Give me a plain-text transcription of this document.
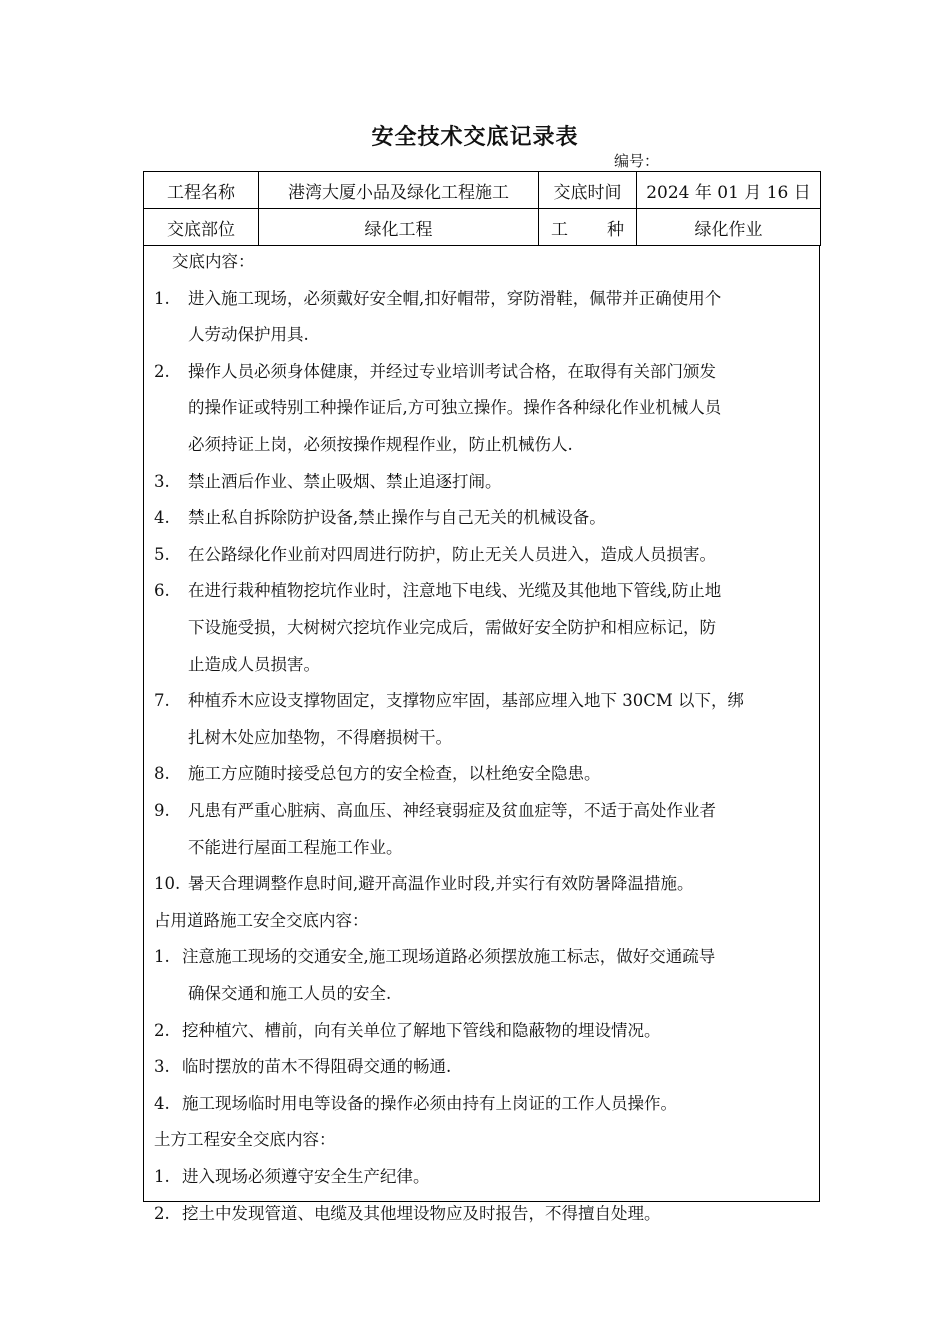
安全技术交底记录表
编号：
工程名称	港湾大厦小品及绿化工程施工	交底时间	2024 年 01 月 16 日
交底部位	绿化工程	工 种	绿化作业
交底内容：
1. 进入施工现场，必须戴好安全帽,扣好帽带，穿防滑鞋，佩带并正确使用个
人劳动保护用具.
2. 操作人员必须身体健康，并经过专业培训考试合格，在取得有关部门颁发
的操作证或特别工种操作证后,方可独立操作。操作各种绿化作业机械人员
必须持证上岗，必须按操作规程作业，防止机械伤人.
3. 禁止酒后作业、禁止吸烟、禁止追逐打闹。
4. 禁止私自拆除防护设备,禁止操作与自己无关的机械设备。
5. 在公路绿化作业前对四周进行防护，防止无关人员进入，造成人员损害。
6. 在进行栽种植物挖坑作业时，注意地下电线、光缆及其他地下管线,防止地
下设施受损，大树树穴挖坑作业完成后，需做好安全防护和相应标记，防
止造成人员损害。
7. 种植乔木应设支撑物固定，支撑物应牢固，基部应埋入地下 30CM 以下，绑
扎树木处应加垫物，不得磨损树干。
8. 施工方应随时接受总包方的安全检查，以杜绝安全隐患。
9. 凡患有严重心脏病、高血压、神经衰弱症及贫血症等，不适于高处作业者
不能进行屋面工程施工作业。
10. 暑天合理调整作息时间,避开高温作业时段,并实行有效防暑降温措施。
占用道路施工安全交底内容：
1. 注意施工现场的交通安全,施工现场道路必须摆放施工标志，做好交通疏导
确保交通和施工人员的安全.
2. 挖种植穴、槽前，向有关单位了解地下管线和隐蔽物的埋设情况。
3. 临时摆放的苗木不得阻碍交通的畅通.
4. 施工现场临时用电等设备的操作必须由持有上岗证的工作人员操作。
土方工程安全交底内容：
1. 进入现场必须遵守安全生产纪律。
2. 挖土中发现管道、电缆及其他埋设物应及时报告，不得擅自处理。
